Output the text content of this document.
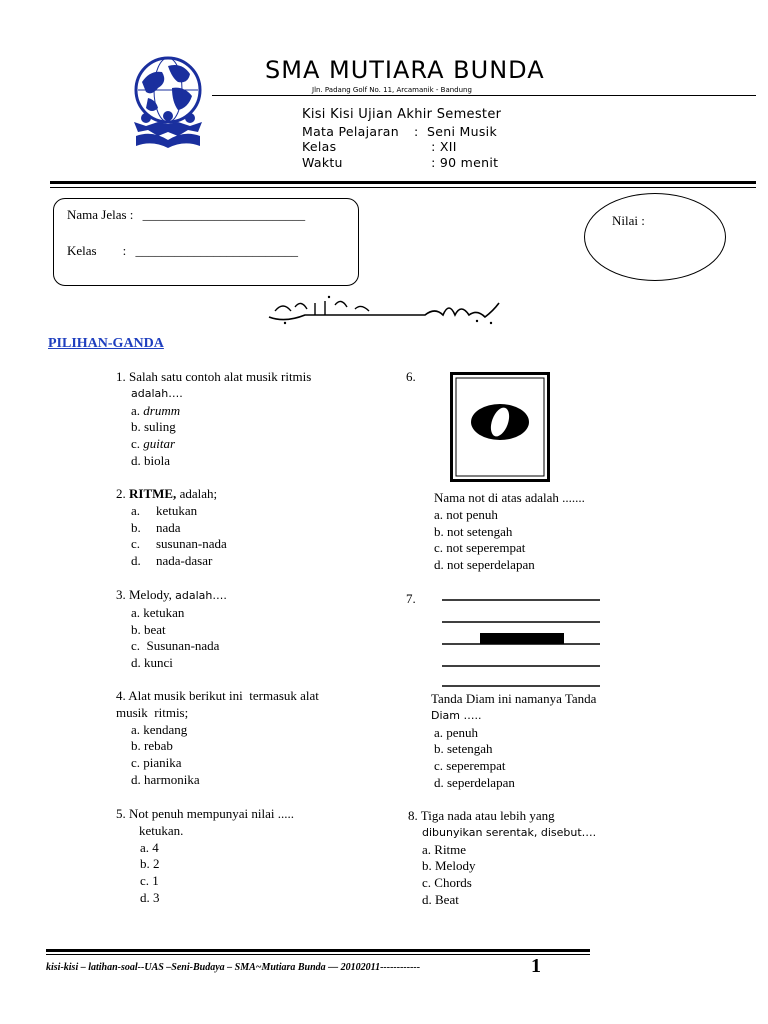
SMA MUTIARA BUNDA
Jln. Padang Golf No. 11, Arcamanik - Bandung
Kisi Kisi Ujian Akhir Semester
Mata Pelajaran	:  Seni Musik
Kelas	: XII
Waktu	: 90 menit
Nama Jelas : _________________________
Kelas        : _________________________
Nilai :
PILIHAN-GANDA
1. Salah satu contoh alat musik ritmis
adalah….
a. drumm
b. suling
c. guitar
d. biola
2. RITME, adalah;
a.	ketukan
b.	nada
c.	susunan-nada
d.	nada-dasar
3. Melody, adalah….
a. ketukan
b. beat
c.  Susunan-nada
d. kunci
4. Alat musik berikut ini  termasuk alat
musik  ritmis;
a. kendang
b. rebab
c. pianika
d. harmonika
5. Not penuh mempunyai nilai .....
ketukan.
a. 4
b. 2
c. 1
d. 3
6.
Nama not di atas adalah .......
a. not penuh
b. not setengah
c. not seperempat
d. not seperdelapan
7.
Tanda Diam ini namanya Tanda
Diam …..
a. penuh
b. setengah
c. seperempat
d. seperdelapan
8. Tiga nada atau lebih yang
dibunyikan serentak, disebut….
a. Ritme
b. Melody
c. Chords
d. Beat
kisi-kisi – latihan-soal--UAS –Seni-Budaya – SMA~Mutiara Bunda — 20102011------------	1
